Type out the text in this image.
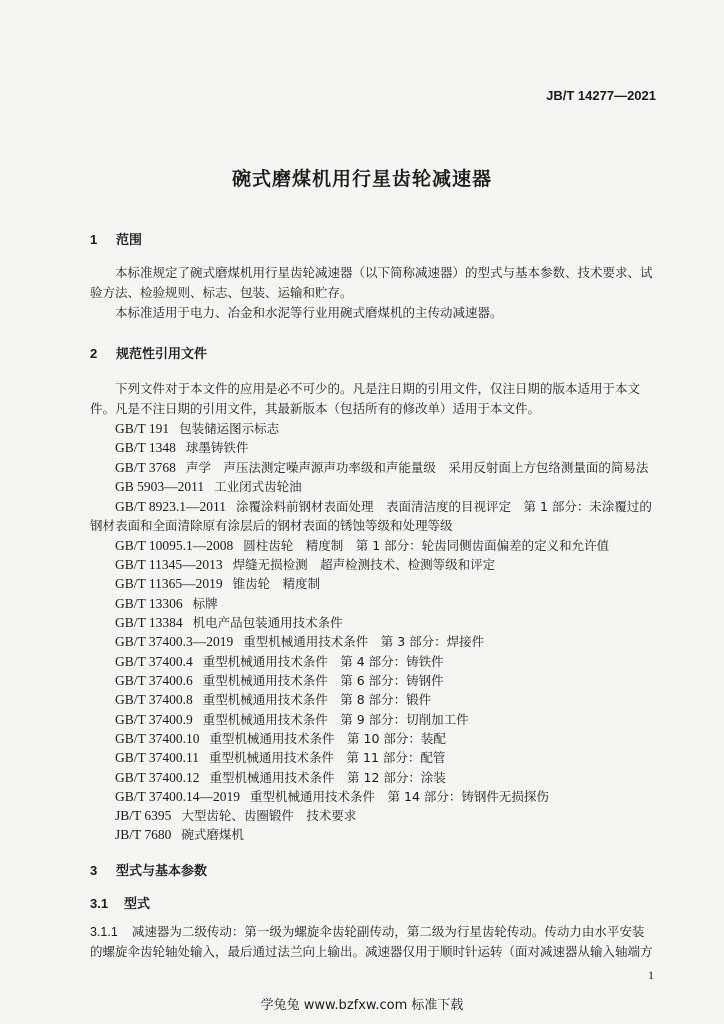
JB/T 14277—2021
碗式磨煤机用行星齿轮减速器
1 范围
本标准规定了碗式磨煤机用行星齿轮减速器（以下简称减速器）的型式与基本参数、技术要求、试
验方法、检验规则、标志、包装、运输和贮存。
本标准适用于电力、冶金和水泥等行业用碗式磨煤机的主传动减速器。
2 规范性引用文件
下列文件对于本文件的应用是必不可少的。凡是注日期的引用文件，仅注日期的版本适用于本文
件。凡是不注日期的引用文件，其最新版本（包括所有的修改单）适用于本文件。
GB/T 191 包装储运图示标志
GB/T 1348 球墨铸铁件
GB/T 3768 声学　声压法测定噪声源声功率级和声能量级　采用反射面上方包络测量面的简易法
GB 5903—2011 工业闭式齿轮油
GB/T 8923.1—2011 涂覆涂料前钢材表面处理　表面清洁度的目视评定　第 1 部分：未涂覆过的
钢材表面和全面清除原有涂层后的钢材表面的锈蚀等级和处理等级
GB/T 10095.1—2008 圆柱齿轮　精度制　第 1 部分：轮齿同侧齿面偏差的定义和允许值
GB/T 11345—2013 焊缝无损检测　超声检测技术、检测等级和评定
GB/T 11365—2019 锥齿轮　精度制
GB/T 13306 标牌
GB/T 13384 机电产品包装通用技术条件
GB/T 37400.3—2019 重型机械通用技术条件　第 3 部分：焊接件
GB/T 37400.4 重型机械通用技术条件　第 4 部分：铸铁件
GB/T 37400.6 重型机械通用技术条件　第 6 部分：铸钢件
GB/T 37400.8 重型机械通用技术条件　第 8 部分：锻件
GB/T 37400.9 重型机械通用技术条件　第 9 部分：切削加工件
GB/T 37400.10 重型机械通用技术条件　第 10 部分：装配
GB/T 37400.11 重型机械通用技术条件　第 11 部分：配管
GB/T 37400.12 重型机械通用技术条件　第 12 部分：涂装
GB/T 37400.14—2019 重型机械通用技术条件　第 14 部分：铸钢件无损探伤
JB/T 6395 大型齿轮、齿圈锻件　技术要求
JB/T 7680 碗式磨煤机
3 型式与基本参数
3.1 型式
3.1.1 减速器为二级传动：第一级为螺旋伞齿轮副传动，第二级为行星齿轮传动。传动力由水平安装
的螺旋伞齿轮轴处输入，最后通过法兰向上输出。减速器仅用于顺时针运转（面对减速器从输入轴端方
1
学兔兔 www.bzfxw.com 标准下载
